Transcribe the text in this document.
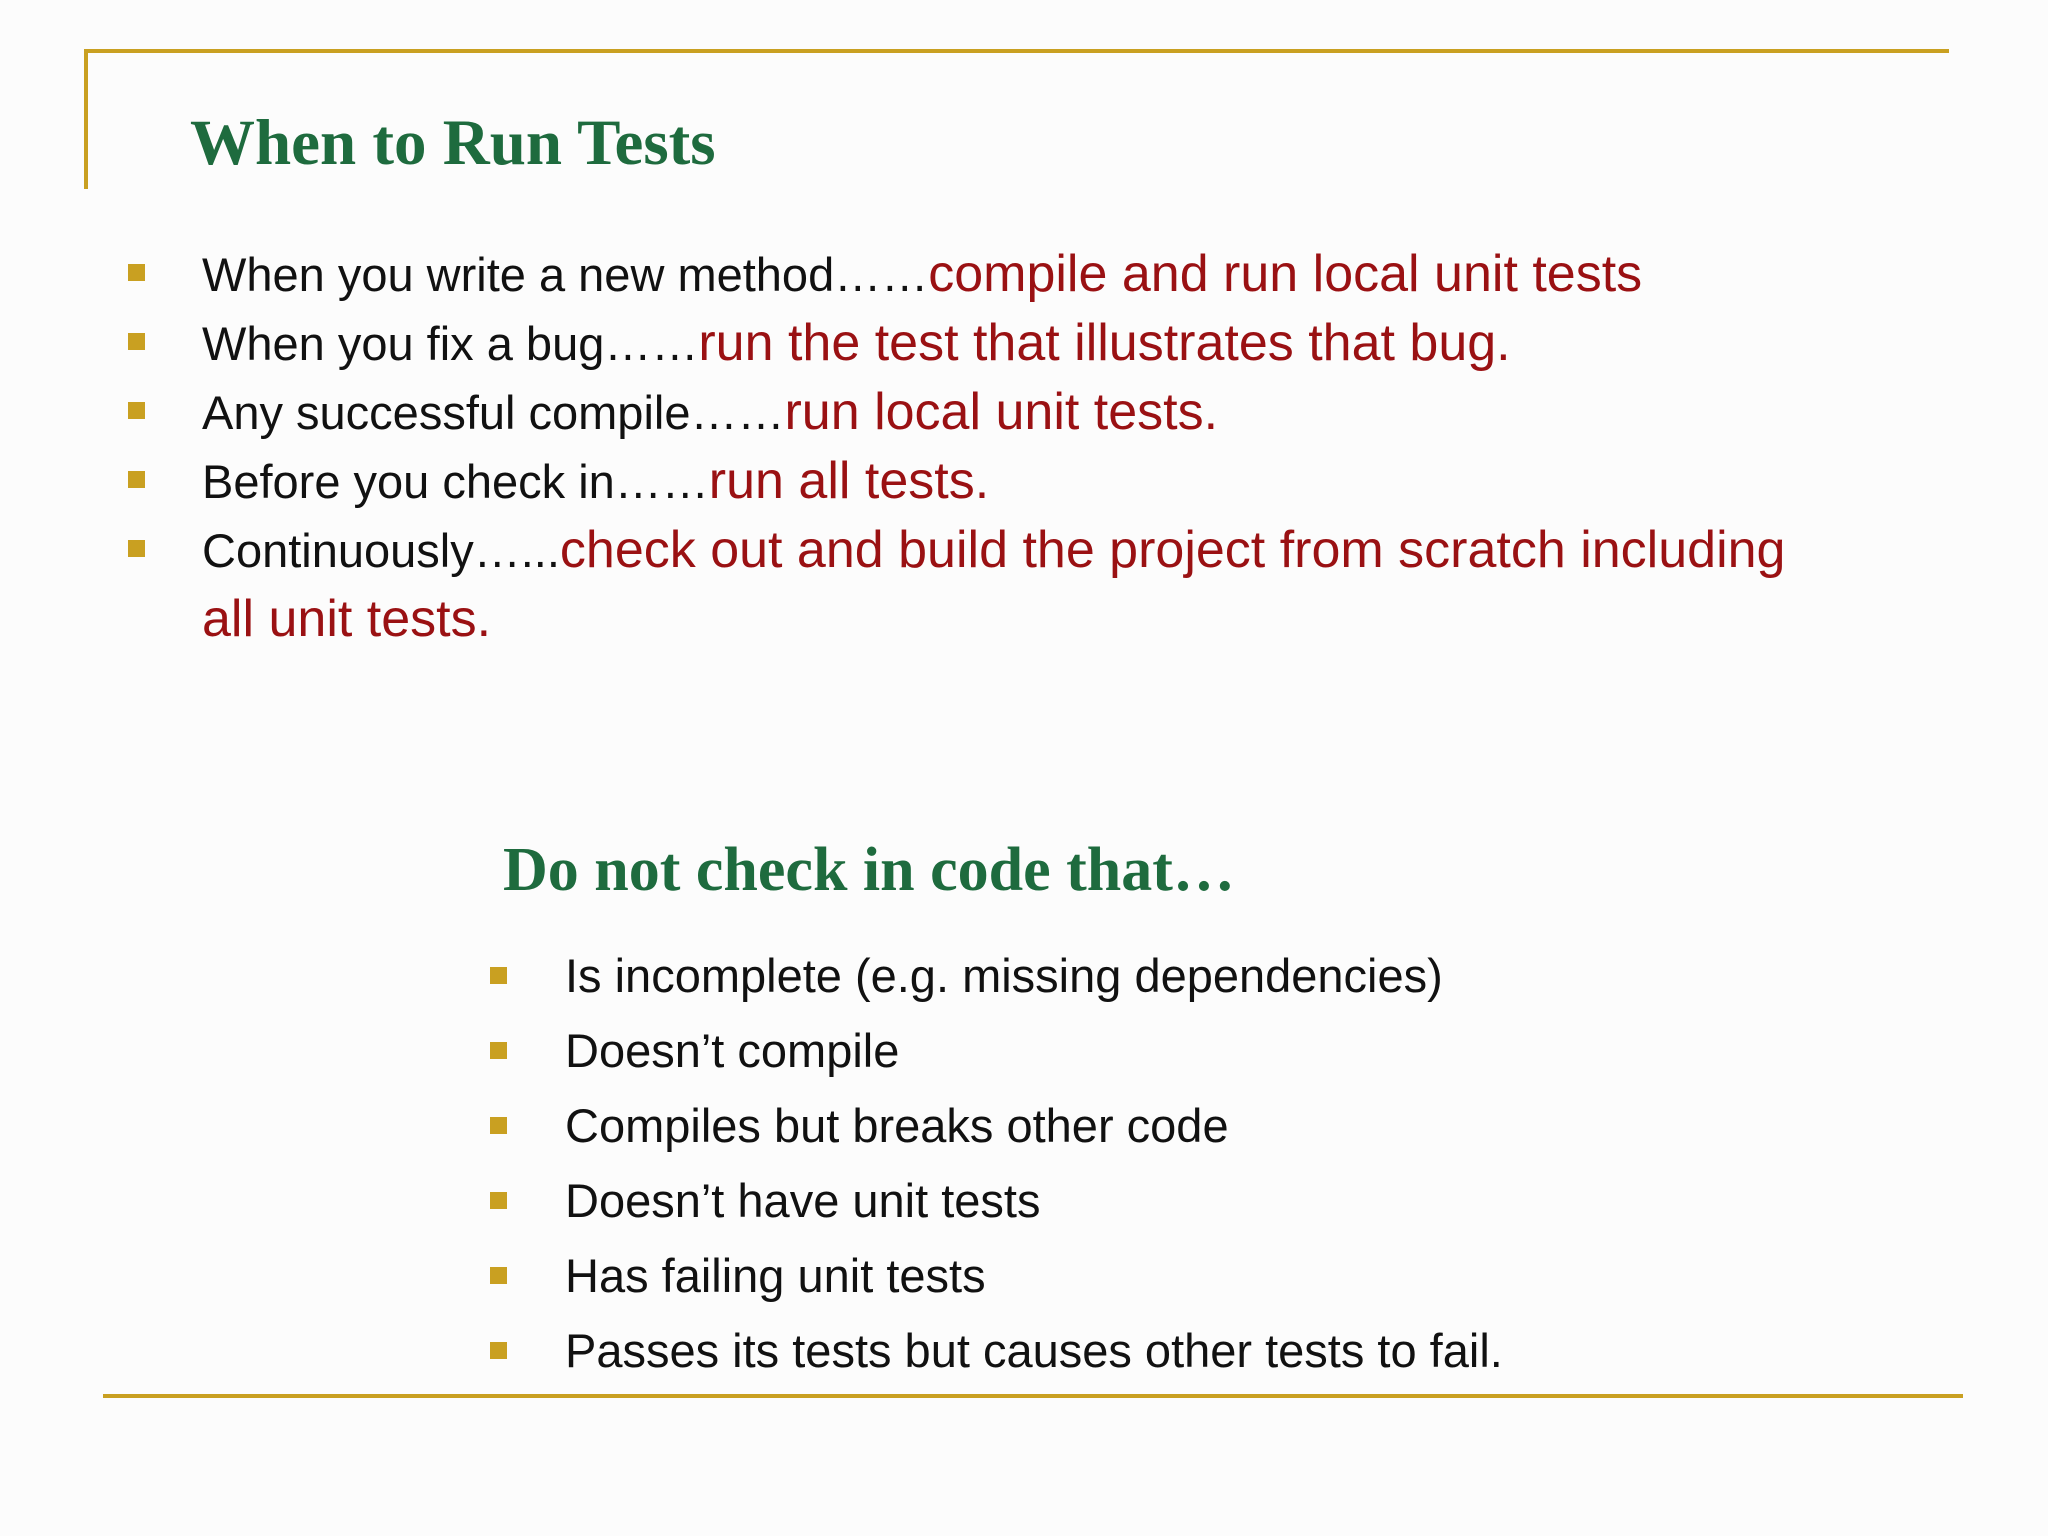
When to Run Tests
When you write a new method……compile and run local unit tests
When you fix a bug……run the test that illustrates that bug.
Any successful compile……run local unit tests.
Before you check in……run all tests.
Continuously…...check out and build the project from scratch including
all unit tests.
Do not check in code that…
Is incomplete (e.g. missing dependencies)
Doesn’t compile
Compiles but breaks other code
Doesn’t have unit tests
Has failing unit tests
Passes its tests but causes other tests to fail.
